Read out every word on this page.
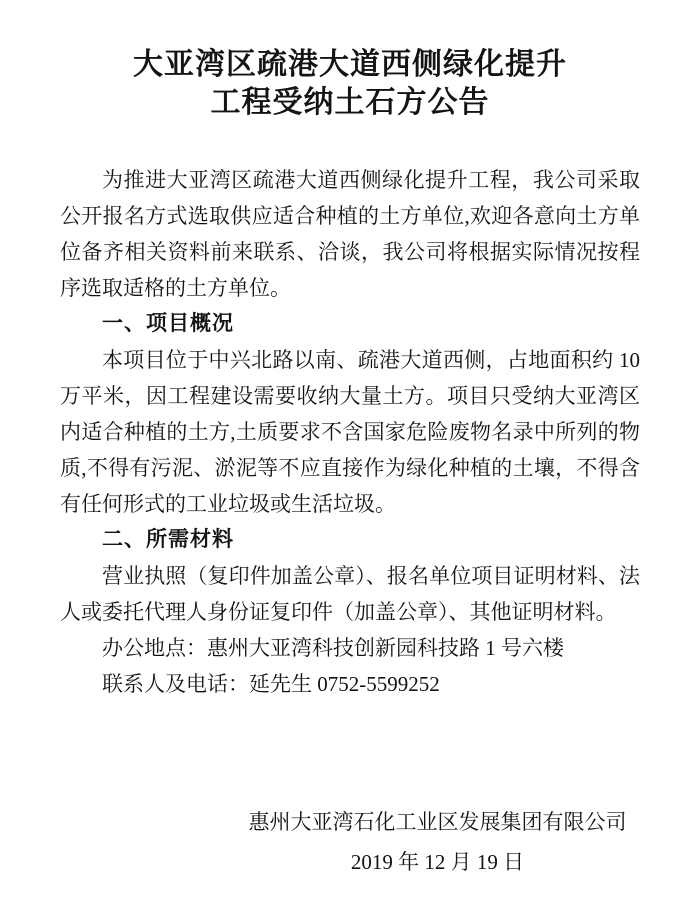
大亚湾区疏港大道西侧绿化提升
工程受纳土石方公告

为推进大亚湾区疏港大道西侧绿化提升工程，我公司采取公开报名方式选取供应适合种植的土方单位,欢迎各意向土方单位备齐相关资料前来联系、洽谈，我公司将根据实际情况按程序选取适格的土方单位。

一、项目概况

本项目位于中兴北路以南、疏港大道西侧，占地面积约 10 万平米，因工程建设需要收纳大量土方。项目只受纳大亚湾区内适合种植的土方,土质要求不含国家危险废物名录中所列的物质,不得有污泥、淤泥等不应直接作为绿化种植的土壤，不得含有任何形式的工业垃圾或生活垃圾。

二、所需材料

营业执照（复印件加盖公章）、报名单位项目证明材料、法人或委托代理人身份证复印件（加盖公章）、其他证明材料。

办公地点：惠州大亚湾科技创新园科技路 1 号六楼

联系人及电话：延先生 0752-5599252

惠州大亚湾石化工业区发展集团有限公司
2019 年 12 月 19 日
